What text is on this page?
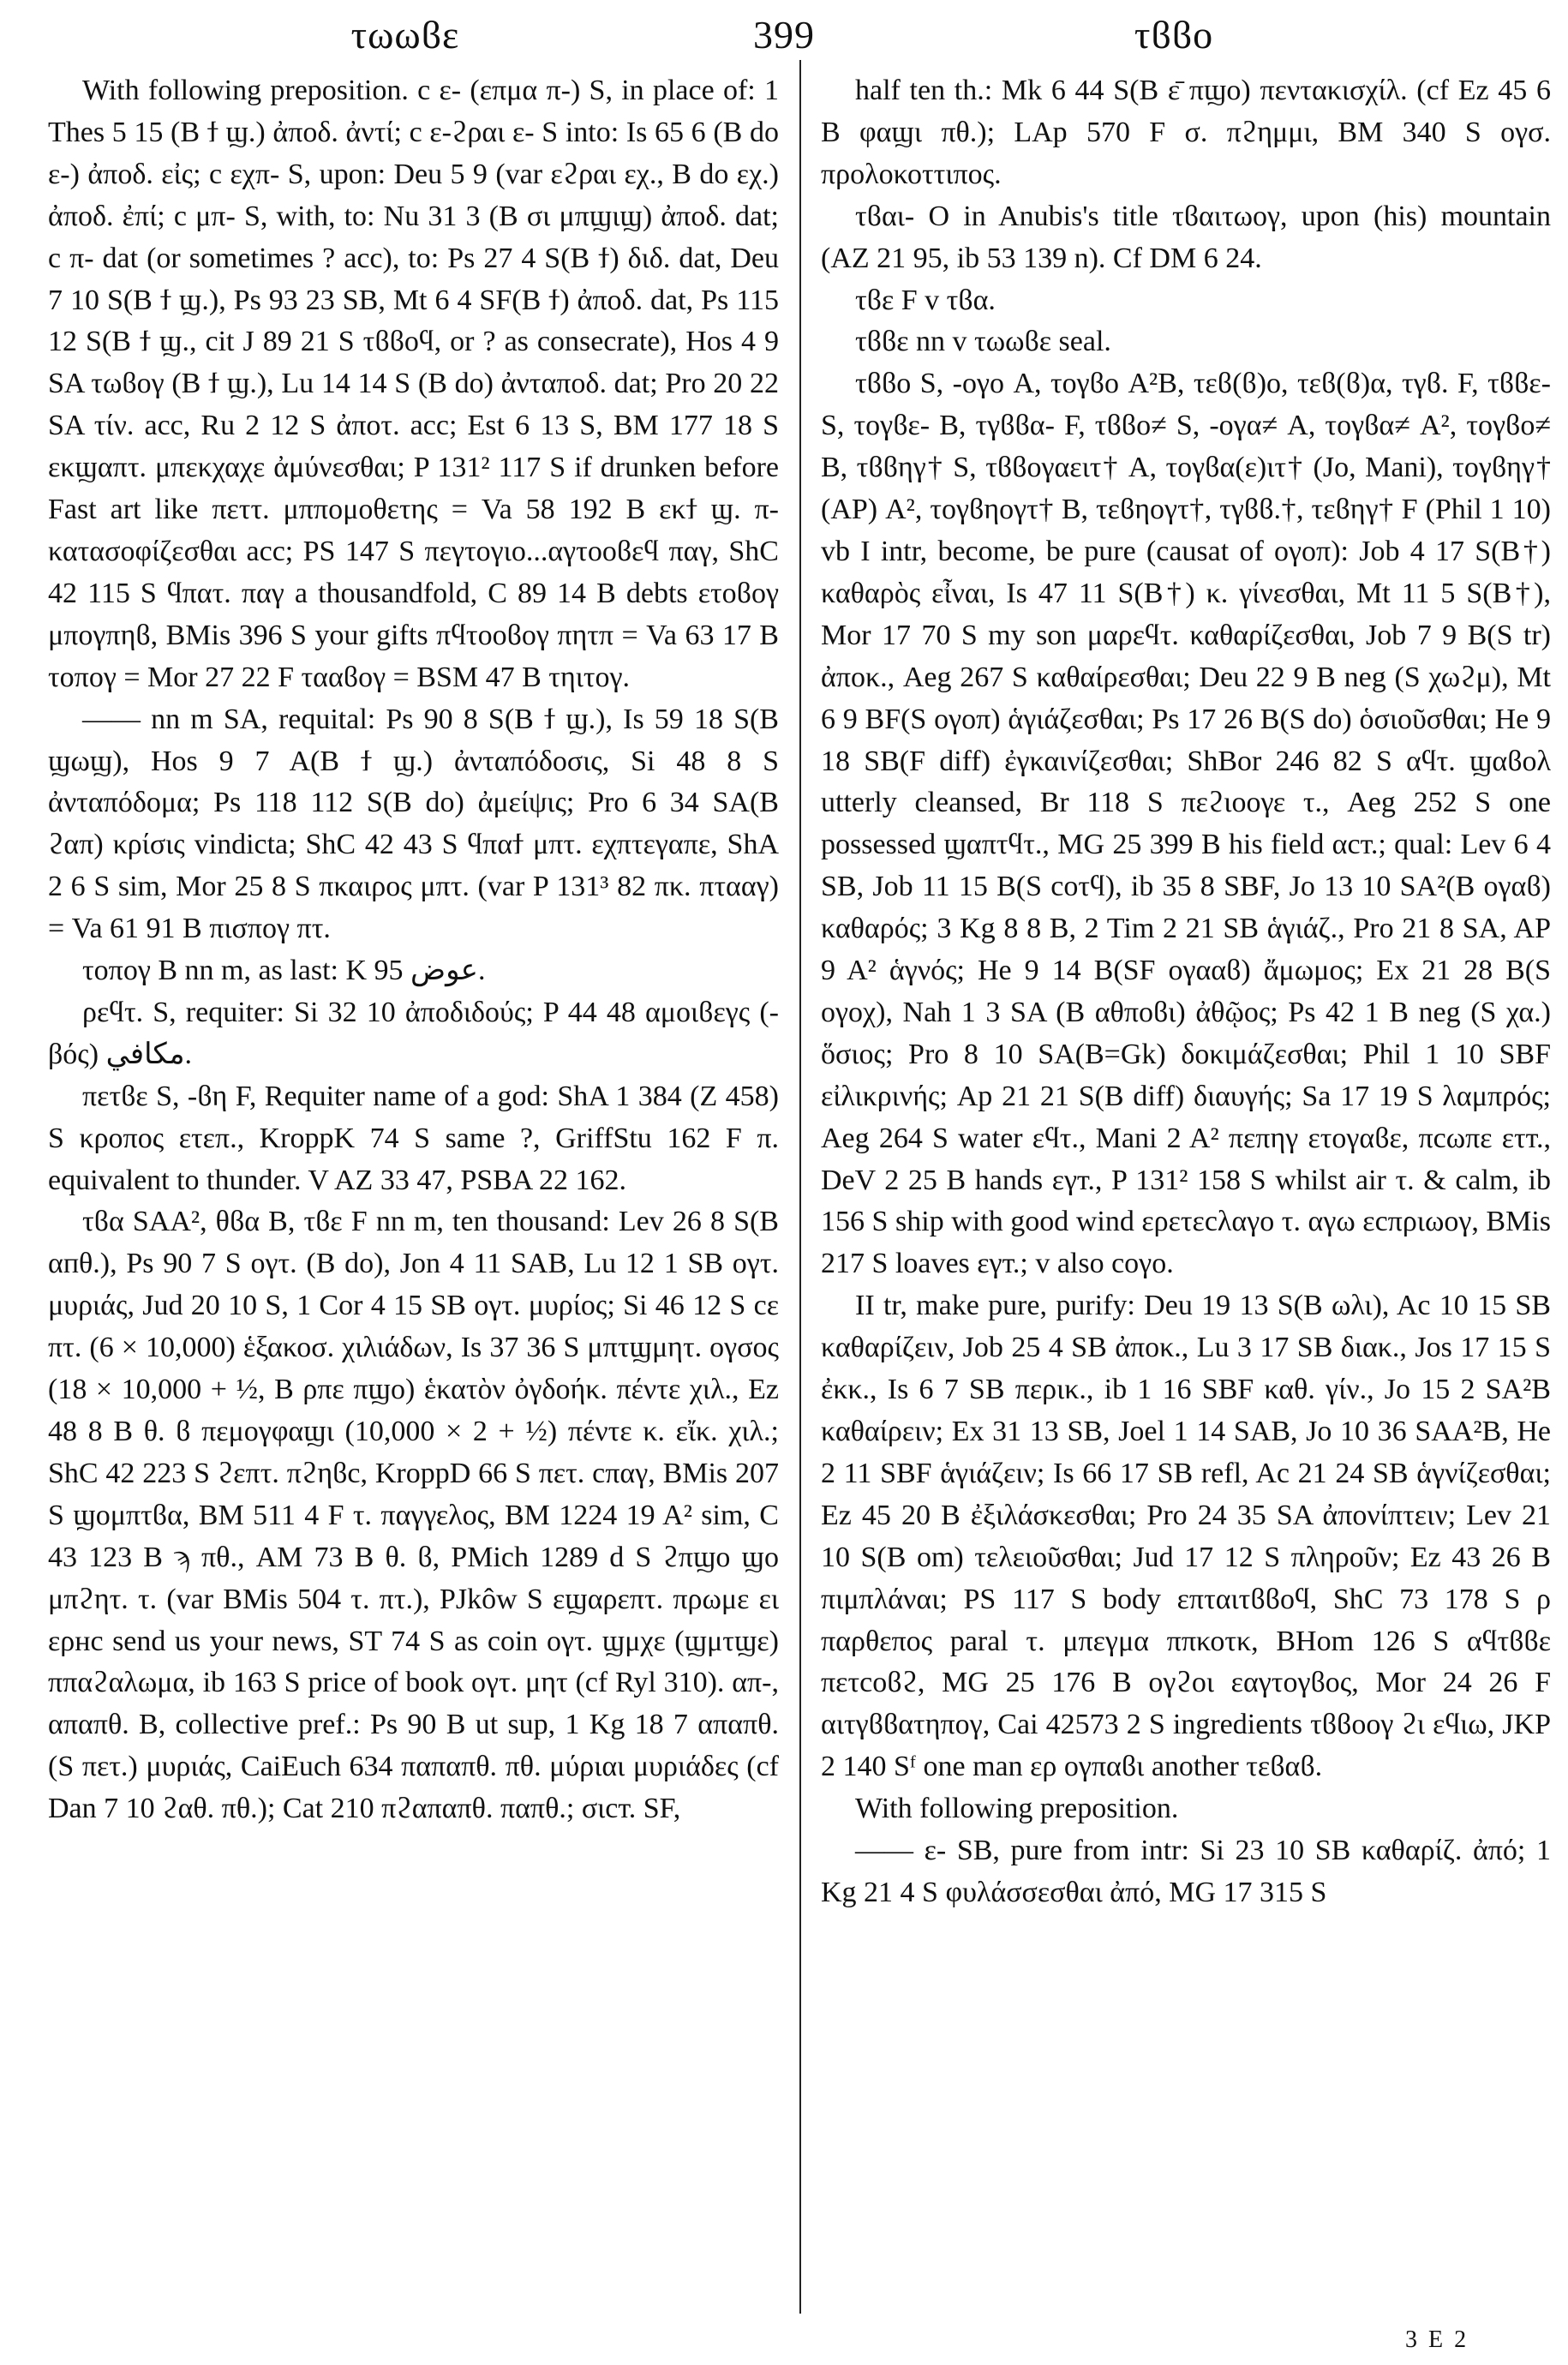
τωωϐε	399	τϐϐο

With following preposition. c ε- (επμα π-) S, in place of: 1 Thes 5 15 (B ϯ ϣ.) ἀποδ. ἀντί; c ε-ϩραι ε- S into: Is 65 6 (B do ε-) ἀποδ. εἰς; c εχπ- S, upon: Deu 5 9 (var εϩραι εχ., B do εχ.) ἀποδ. ἐπί; c μπ- S, with, to: Nu 31 3 (B σι μπϣιϣ) ἀποδ. dat; c π- dat (or sometimes ? acc), to: Ps 27 4 S(B ϯ) διδ. dat, Deu 7 10 S(B ϯ ϣ.), Ps 93 23 SB, Mt 6 4 SF(B ϯ) ἀποδ. dat, Ps 115 12 S(B ϯ ϣ., cit J 89 21 S τϐϐοϥ, or ? as consecrate), Hos 4 9 SA τωϐογ (B ϯ ϣ.), Lu 14 14 S (B do) ἀνταποδ. dat; Pro 20 22 SA τίν. acc, Ru 2 12 S ἀποτ. acc; Est 6 13 S, BM 177 18 S εκϣαπτ. μπεκχαχε ἀμύνεσθαι; P 131² 117 S if drunken before Fast art like πεττ. μππομοθετης = Va 58 192 B εκϯ ϣ. π- κατασοφίζεσθαι acc; PS 147 S πεγτογιο...αγτοοϐεϥ παγ, ShC 42 115 S ϥπατ. παγ a thousandfold, C 89 14 B debts ετοϐογ μπογπηϐ, BMis 396 S your gifts πϥτοοϐογ πητπ = Va 63 17 B τοπογ = Mor 27 22 F τααϐογ = BSM 47 B τηιτογ.

—— nn m SA, requital: Ps 90 8 S(B ϯ ϣ.), Is 59 18 S(B ϣωϣ), Hos 9 7 A(B ϯ ϣ.) ἀνταπόδοσις, Si 48 8 S ἀνταπόδομα; Ps 118 112 S(B do) ἀμείψις; Pro 6 34 SA(B ϩαπ) κρίσις vindicta; ShC 42 43 S ϥπαϯ μπτ. εχπτεγαπε, ShA 2 6 S sim, Mor 25 8 S πκαιρος μπτ. (var P 131³ 82 πκ. πτααγ) = Va 61 91 B πισπογ πτ.

τοπογ B nn m, as last: K 95 عوض.

ρεϥτ. S, requiter: Si 32 10 ἀποδιδούς; P 44 48 αμοιϐεγς (-βός) مكافي.

πετϐε S, -ϐη F, Requiter name of a god: ShA 1 384 (Z 458) S κροπος ετεπ., KroppK 74 S same ?, GriffStu 162 F π. equivalent to thunder. V AZ 33 47, PSBA 22 162.

τϐα SAA², θϐα B, τϐε F nn m, ten thousand: Lev 26 8 S(B αпθ.), Ps 90 7 S ογτ. (B do), Jon 4 11 SAB, Lu 12 1 SB ογτ. μυριάς, Jud 20 10 S, 1 Cor 4 15 SB ογτ. μυρίος; Si 46 12 S cε πτ. (6 × 10,000) ἑξακοσ. χιλιάδων, Is 37 36 S μπτϣμητ. ογσος (18 × 10,000 + ½, B ρπε πϣο) ἑκατὸν ὀγδοήκ. πέντε χιλ., Ez 48 8 B θ. ϐ πεμογφαϣι (10,000 × 2 + ½) πέντε κ. εἴκ. χιλ.; ShC 42 223 S ϩεπτ. πϩηϐс, KroppD 66 S πετ. cπαγ, BMis 207 S ϣομπτϐα, BM 511 4 F τ. παγγελος, BM 1224 19 A² sim, C 43 123 B ϡ πθ., AM 73 B θ. ϐ, PMich 1289 d S ϩπϣο ϣο μπϩητ. τ. (var BMis 504 τ. πτ.), PJkôw S εϣαρεπτ. πρωμε ει ερнс send us your news, ST 74 S as coin ογτ. ϣμχε (ϣμτϣε) ππαϩαλωμα, ib 163 S price of book ογτ. μητ (cf Ryl 310). απ-, απαπθ. B, collective pref.: Ps 90 B ut sup, 1 Kg 18 7 απαπθ. (S πετ.) μυριάς, CaiEuch 634 παπαπθ. πθ. μύριαι μυριάδες (cf Dan 7 10 ϩαθ. πθ.); Cat 210 πϩαπαπθ. παπθ.; σιcт. SF,

half ten th.: Mk 6 44 S(B ε̄ πϣο) πεντακισχίλ. (cf Ez 45 6 B φαϣι πθ.); LAp 570 F σ. πϩημμι, BM 340 S ογσ. προλοκοττιπος.

τϐαι- O in Anubis's title τϐαιτωογ, upon (his) mountain (AZ 21 95, ib 53 139 n). Cf DM 6 24.

τϐε F v τϐα.

τϐϐε nn v τωωϐε seal.

τϐϐο S, -ογο A, τογϐο A²B, τεϐ(ϐ)ο, τεϐ(ϐ)α, τγϐ. F, τϐϐε- S, τογϐε- B, τγϐϐα- F, τϐϐο≠ S, -ογα≠ A, τογϐα≠ A², τογϐο≠ B, τϐϐηγ† S, τϐϐογαειτ† A, τογϐα(ε)ιτ† (Jo, Mani), τογϐηγ† (AP) A², τογϐηογτ† B, τεϐηογτ†, τγϐϐ.†, τεϐηγ† F (Phil 1 10) vb I intr, become, be pure (causat of ογοπ): Job 4 17 S(B†) καθαρὸς εἶναι, Is 47 11 S(B†) κ. γίνεσθαι, Mt 11 5 S(B†), Mor 17 70 S my son μαρεϥτ. καθαρίζεσθαι, Job 7 9 B(S tr) ἀποκ., Aeg 267 S καθαίρεσθαι; Deu 22 9 B neg (S χωϩμ), Mt 6 9 BF(S ογοπ) ἁγιάζεσθαι; Ps 17 26 B(S do) ὁσιοῦσθαι; He 9 18 SB(F diff) ἐγκαινίζεσθαι; ShBor 246 82 S αϥτ. ϣαϐολ utterly cleansed, Br 118 S πεϩιοογε τ., Aeg 252 S one possessed ϣαπτϥτ., MG 25 399 B his field αcт.; qual: Lev 6 4 SB, Job 11 15 B(S coτϥ), ib 35 8 SBF, Jo 13 10 SA²(B ογαϐ) καθαρός; 3 Kg 8 8 B, 2 Tim 2 21 SB ἁγιάζ., Pro 21 8 SA, AP 9 A² ἁγνός; He 9 14 B(SF ογααϐ) ἄμωμος; Ex 21 28 B(S ογοχ), Nah 1 3 SA (B αθποϐι) ἀθῷος; Ps 42 1 B neg (S χα.) ὅσιος; Pro 8 10 SA(B=Gk) δοκιμάζεσθαι; Phil 1 10 SBF εἰλικρινής; Ap 21 21 S(B diff) διαυγής; Sa 17 19 S λαμπρός; Aeg 264 S water εϥτ., Mani 2 A² πεπηγ ετογαϐε, πcωπε ετт., DeV 2 25 B hands εγт., P 131² 158 S whilst air τ. & calm, ib 156 S ship with good wind ερετεcλαγο τ. αγω εcπριωογ, BMis 217 S loaves εγт.; v also coγο.

II tr, make pure, purify: Deu 19 13 S(B ωλι), Ac 10 15 SB καθαρίζειν, Job 25 4 SB ἀποκ., Lu 3 17 SB διακ., Jos 17 15 S ἐκκ., Is 6 7 SB περικ., ib 1 16 SBF καθ. γίν., Jo 15 2 SA²B καθαίρειν; Ex 31 13 SB, Joel 1 14 SAB, Jo 10 36 SAA²B, He 2 11 SBF ἁγιάζειν; Is 66 17 SB refl, Ac 21 24 SB ἁγνίζεσθαι; Ez 45 20 B ἐξιλάσκεσθαι; Pro 24 35 SA ἀπονίπτειν; Lev 21 10 S(B om) τελειοῦσθαι; Jud 17 12 S πληροῦν; Ez 43 26 B πιμπλάναι; PS 117 S body επταιτϐϐοϥ, ShC 73 178 S ρ παρθεπος paral τ. μπεγμα ππκοτκ, BHom 126 S αϥτϐϐε πετcοϐϩ, MG 25 176 B ογϩοι εαγτογϐος, Mor 24 26 F αιτγϐϐατηπογ, Cai 42573 2 S ingredients τϐϐοογ ϩι εϥιω, JKP 2 140 Sᶠ one man ερ ογπαϐι another τεϐαϐ.

With following preposition.

—— ε- SB, pure from intr: Si 23 10 SB καθαρίζ. ἀπό; 1 Kg 21 4 S φυλάσσεσθαι ἀπό, MG 17 315 S

3 E 2
